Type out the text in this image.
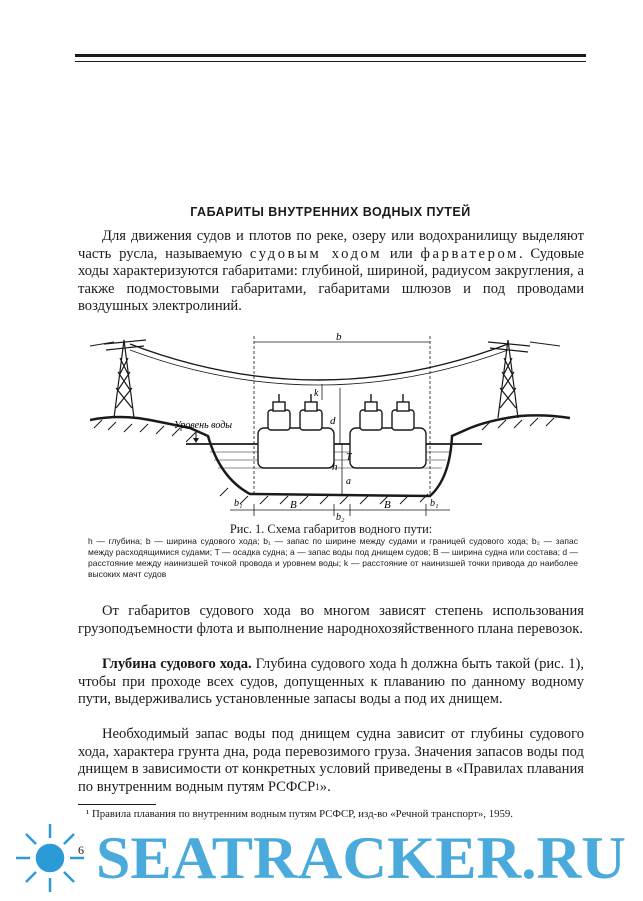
ГАБАРИТЫ ВНУТРЕННИХ ВОДНЫХ ПУТЕЙ

Для движения судов и плотов по реке, озеру или водохранилищу выделяют часть русла, называемую судовым ходом или фарватером. Судовые ходы характеризуются габаритами: глубиной, шириной, радиусом закругления, а также подмостовыми габаритами, габаритами шлюзов и под проводами воздушных электролиний.

Уровень воды
b
k
d
T
h
a
b₁	B
b₂
B	b₁
Рис. 1. Схема габаритов водного пути:

h — глубина; b — ширина судового хода; b₁ — запас по ширине между судами и границей судового хода; b₂ — запас между расходящимися судами; T — осадка судна; a — запас воды под днищем судов; B — ширина судна или состава; d — расстояние между наинизшей точкой провода и уровнем воды; k — расстояние от наинизшей точки привода до наиболее высоких мачт судов

От габаритов судового хода во многом зависят степень использования грузоподъемности флота и выполнение народнохозяйственного плана перевозок.

Глубина судового хода. Глубина судового хода h должна быть такой (рис. 1), чтобы при проходе всех судов, допущенных к плаванию по данному водному пути, выдерживались установленные запасы воды a под их днищем.

Необходимый запас воды под днищем судна зависит от глубины судового хода, характера грунта дна, рода перевозимого груза. Значения запасов воды под днищем в зависимости от конкретных условий приведены в «Правилах плавания по внутренним водным путям РСФСР$^1$».

¹ Правила плавания по внутренним водным путям РСФСР, изд-во «Речной транспорт», 1959.

6 SEATRACKER.RU
